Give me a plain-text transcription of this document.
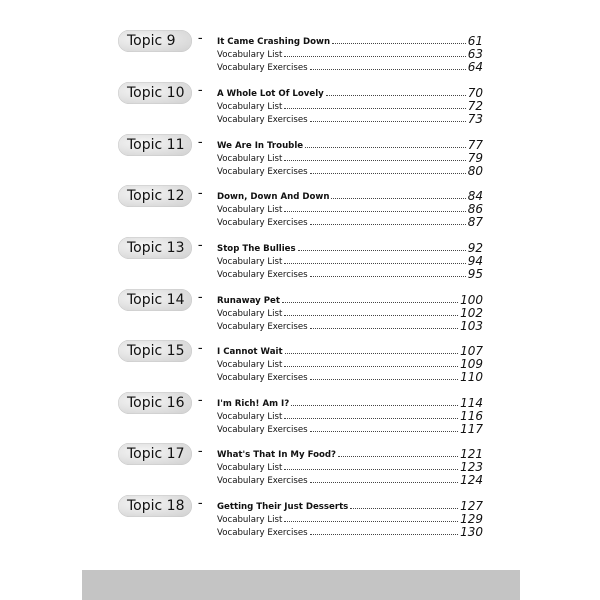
Topic 9	– It Came Crashing Down	61
Vocabulary List	63
Vocabulary Exercises	64
Topic 10	– A Whole Lot Of Lovely	70
Vocabulary List	72
Vocabulary Exercises	73
Topic 11	– We Are In Trouble	77
Vocabulary List	79
Vocabulary Exercises	80
Topic 12	– Down, Down And Down	84
Vocabulary List	86
Vocabulary Exercises	87
Topic 13	– Stop The Bullies	92
Vocabulary List	94
Vocabulary Exercises	95
Topic 14	– Runaway Pet	100
Vocabulary List	102
Vocabulary Exercises	103
Topic 15	– I Cannot Wait	107
Vocabulary List	109
Vocabulary Exercises	110
Topic 16	– I'm Rich! Am I?	114
Vocabulary List	116
Vocabulary Exercises	117
Topic 17	– What's That In My Food?	121
Vocabulary List	123
Vocabulary Exercises	124
Topic 18	– Getting Their Just Desserts	127
Vocabulary List	129
Vocabulary Exercises	130
